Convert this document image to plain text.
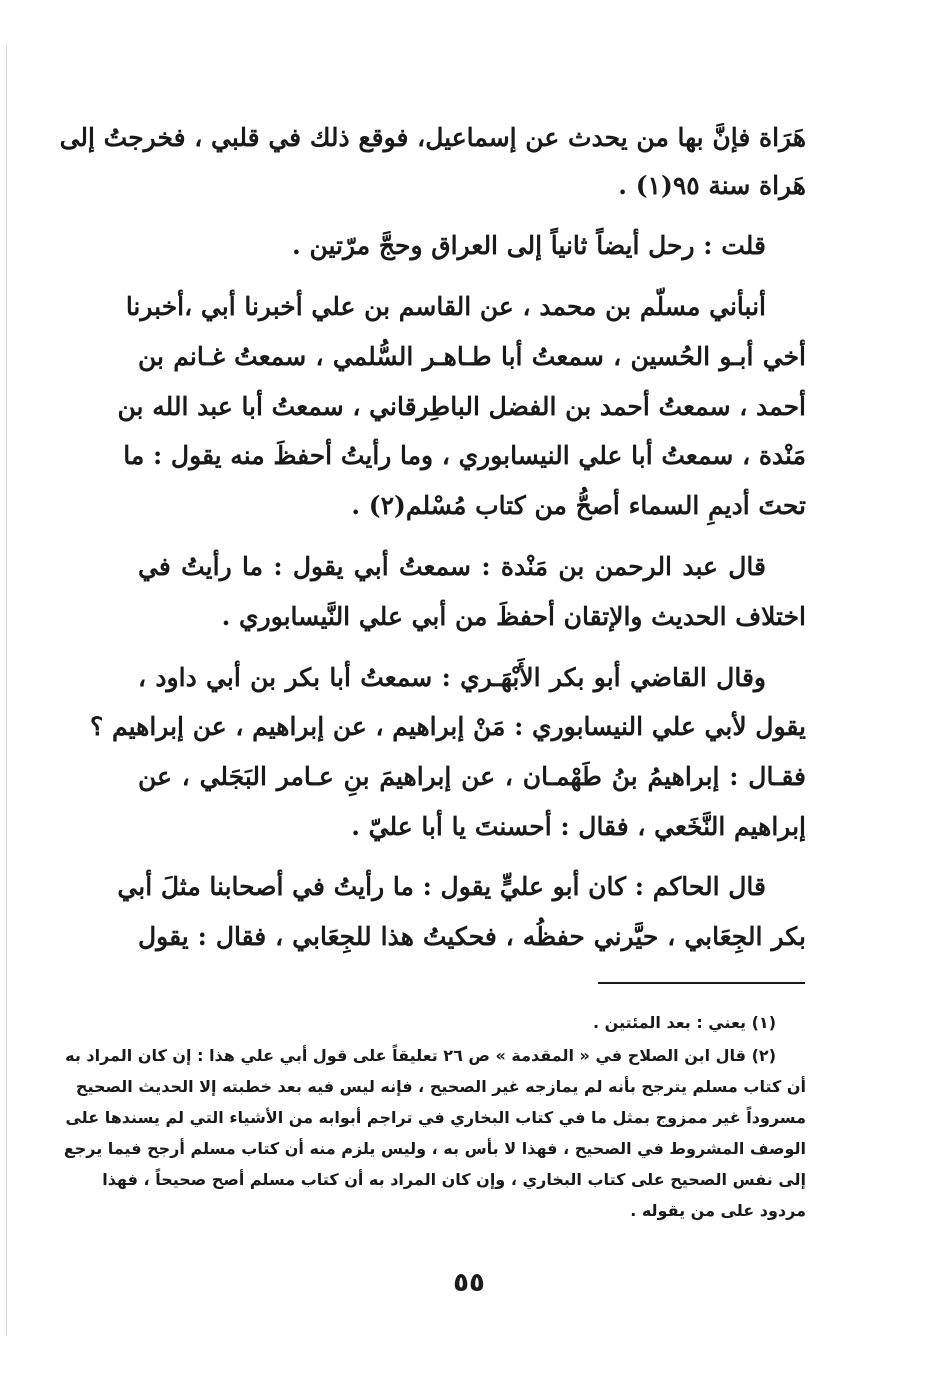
هَرَاة فإنَّ بها من يحدث عن إسماعيل، فوقع ذلك في قلبي ، فخرجتُ إلى
هَراة سنة ٩٥(١) .
قلت : رحل أيضاً ثانياً إلى العراق وحجَّ مرّتين .
أنبأني مسلّم بن محمد ، عن القاسم بن علي أخبرنا أبي ،أخبرنا
أخي أبـو الحُسين ، سمعتُ أبا طـاهـر السُّلمي ، سمعتُ غـانم بن
أحمد ، سمعتُ أحمد بن الفضل الباطِرقاني ، سمعتُ أبا عبد الله بن
مَنْدة ، سمعتُ أبا علي النيسابوري ، وما رأيتُ أحفظَ منه يقول : ما
تحتَ أديمِ السماء أصحُّ من كتاب مُسْلم(٢) .
قال عبد الرحمن بن مَنْدة : سمعتُ أبي يقول : ما رأيتُ في
اختلاف الحديث والإتقان أحفظَ من أبي علي النَّيسابوري .
وقال القاضي أبو بكر الأَبْهَـري : سمعتُ أبا بكر بن أبي داود ،
يقول لأبي علي النيسابوري : مَنْ إبراهيم ، عن إبراهيم ، عن إبراهيم ؟
فقـال : إبراهيمُ بنُ طَهْمـان ، عن إبراهيمَ بنِ عـامر البَجَلي ، عن
إبراهيم النَّخَعي ، فقال : أحسنتَ يا أبا عليّ .
قال الحاكم : كان أبو عليٍّ يقول : ما رأيتُ في أصحابنا مثلَ أبي
بكر الجِعَابي ، حيَّرني حفظُه ، فحكيتُ هذا للجِعَابي ، فقال : يقول
(١) يعني : بعد المئتين .
(٢) قال ابن الصلاح في « المقدمة » ص ٢٦ تعليقاً على قول أبي علي هذا : إن كان المراد به
أن كتاب مسلم يترجح بأنه لم يمازجه غير الصحيح ، فإنه ليس فيه بعد خطبته إلا الحديث الصحيح
مسروداً غير ممزوج بمثل ما في كتاب البخاري في تراجم أبوابه من الأشياء التي لم يسندها على
الوصف المشروط في الصحيح ، فهذا لا بأس به ، وليس يلزم منه أن كتاب مسلم أرجح فيما يرجع
إلى نفس الصحيح على كتاب البخاري ، وإن كان المراد به أن كتاب مسلم أصح صحيحاً ، فهذا
مردود على من يقوله .
٥٥
